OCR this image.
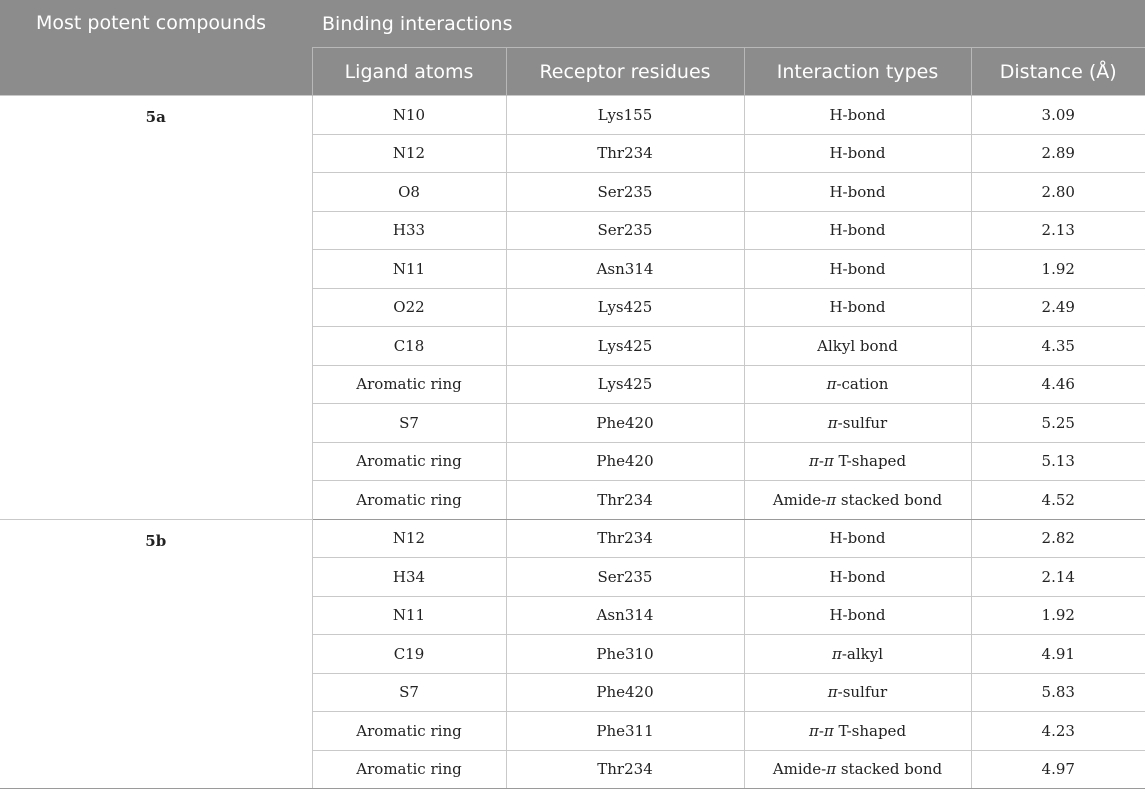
Most potent compounds	Binding interactions			
	Ligand atoms	Receptor residues	Interaction types	Distance (Å)
5a	N10	Lys155	H-bond	3.09
	N12	Thr234	H-bond	2.89
	O8	Ser235	H-bond	2.80
	H33	Ser235	H-bond	2.13
	N11	Asn314	H-bond	1.92
	O22	Lys425	H-bond	2.49
	C18	Lys425	Alkyl bond	4.35
	Aromatic ring	Lys425	π-cation	4.46
	S7	Phe420	π-sulfur	5.25
	Aromatic ring	Phe420	π-π T-shaped	5.13
	Aromatic ring	Thr234	Amide-π stacked bond	4.52
5b	N12	Thr234	H-bond	2.82
	H34	Ser235	H-bond	2.14
	N11	Asn314	H-bond	1.92
	C19	Phe310	π-alkyl	4.91
	S7	Phe420	π-sulfur	5.83
	Aromatic ring	Phe311	π-π T-shaped	4.23
	Aromatic ring	Thr234	Amide-π stacked bond	4.97
